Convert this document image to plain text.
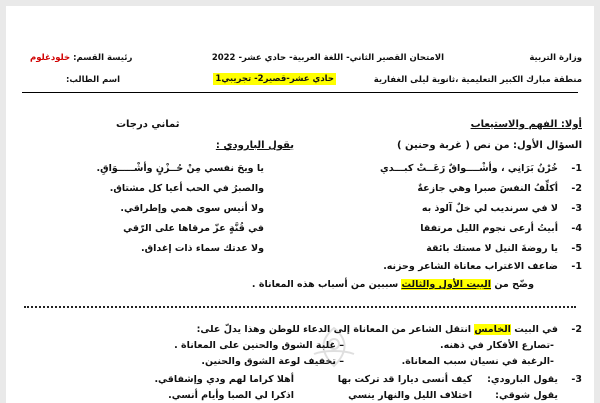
وزارة التربية
الامتحان القصير الثاني- اللغة العربية- حادي عشر- 2022
رئيسة القسم: خلودغلوم
منطقة مبارك الكبير التعليمية ،ثانوية ليلى الغفارية
حادي عشر-قصير2- تجريبي1
اسم الطالب:
أولا: الفهم والاستيعاب
ثماني درجات
السؤال الأول: من نص ( غربة وحنين )
يقول البارودي :
1-
خُرْنُ بَرَانِي ، وأشْــــواقٌ رَعَــتْ كبـــدي
يا ويحَ نفسي مِنْ حُــزْنٍ وأشْـــــوَاقِ.
2-
أكلِّفُ النفسَ صبرا وهي جازعةٌ
والصبرُ في الحب أعيا كل مشتاق.
3-
لا في سرنديب لي خلٌ آلوذ به
ولا أنيس سوى همي وإطراقي.
4-
أبيتُ أرعى نجوم الليل مرتفقا
في قُنَّةٍ عزّ مرقاها على الرّقي
5-
يا روضةَ النيل لا مستك بائقة
ولا عدتك سماء ذات إغداق.
1-
ضاعف الاغتراب معاناة الشاعر وحزنه.
وضّح من البيت الأول والثالث سببين من أسباب هذه المعاناة .
2-
في البيت الخامس انتقل الشاعر من المعاناة إلى الدعاء للوطن وهذا يدلّ على:
-تصارع الأفكار في ذهنه.
– غلبة الشوق والحنين على المعاناة .
-الرغبة في نسيان سبب المعاناة.
– تخفيف لوعة الشوق والحنين.
3-
يقول البارودي:
كيف أنسى ديارا قد تركت بها
أهلا كراما لهم ودي وإشفاقي.
يقول شوقي:
اختلاف الليل والنهار ينسي
اذكرا لي الصبا وأيام أنسي.
